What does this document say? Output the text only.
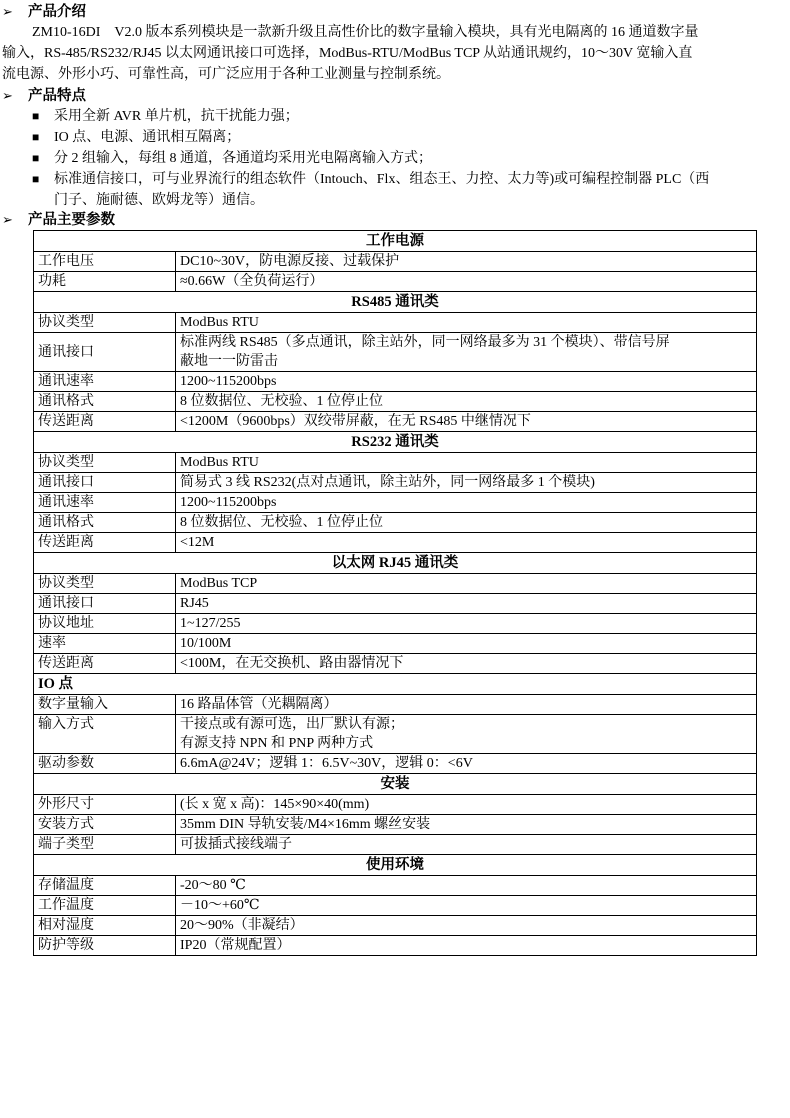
➢ 产品介绍
ZM10-16DI　V2.0 版本系列模块是一款新升级且高性价比的数字量输入模块，具有光电隔离的 16 通道数字量
输入，RS-485/RS232/RJ45 以太网通讯接口可选择，ModBus-RTU/ModBus TCP 从站通讯规约，10～30V 宽输入直
流电源、外形小巧、可靠性高，可广泛应用于各种工业测量与控制系统。
➢ 产品特点
■ 采用全新 AVR 单片机，抗干扰能力强；
■ IO 点、电源、通讯相互隔离；
■ 分 2 组输入，每组 8 通道，各通道均采用光电隔离输入方式；
■ 标准通信接口，可与业界流行的组态软件（Intouch、Flx、组态王、力控、太力等)或可编程控制器 PLC（西
门子、施耐德、欧姆龙等）通信。
➢ 产品主要参数
工作电源	
工作电压	DC10~30V，防电源反接、过载保护
功耗	≈0.66W（全负荷运行）
RS485 通讯类	
协议类型	ModBus RTU
通讯接口	标准两线 RS485（多点通讯，除主站外，同一网络最多为 31 个模块）、带信号屏
蔽地一一防雷击

通讯速率	1200~115200bps
通讯格式	8 位数据位、无校验、1 位停止位
传送距离	<1200M（9600bps）双绞带屏蔽，在无 RS485 中继情况下
RS232 通讯类	
协议类型	ModBus RTU
通讯接口	简易式 3 线 RS232(点对点通讯，除主站外，同一网络最多 1 个模块)
通讯速率	1200~115200bps
通讯格式	8 位数据位、无校验、1 位停止位
传送距离	<12M
以太网 RJ45 通讯类	
协议类型	ModBus TCP
通讯接口	RJ45
协议地址	1~127/255
速率	10/100M
传送距离	<100M，在无交换机、路由器情况下
IO 点	
数字量输入	16 路晶体管（光耦隔离）
输入方式	干接点或有源可选，出厂默认有源；
有源支持 NPN 和 PNP 两种方式

驱动参数	6.6mA@24V；逻辑 1：6.5V~30V，逻辑 0：<6V
安装	
外形尺寸	(长 x 宽 x 高)：145×90×40(mm)
安装方式	35mm DIN 导轨安装/M4×16mm 螺丝安装
端子类型	可拔插式接线端子
使用环境	
存储温度	-20～80 ℃
工作温度	－10～+60℃
相对湿度	20～90%（非凝结）
防护等级	IP20（常规配置）
